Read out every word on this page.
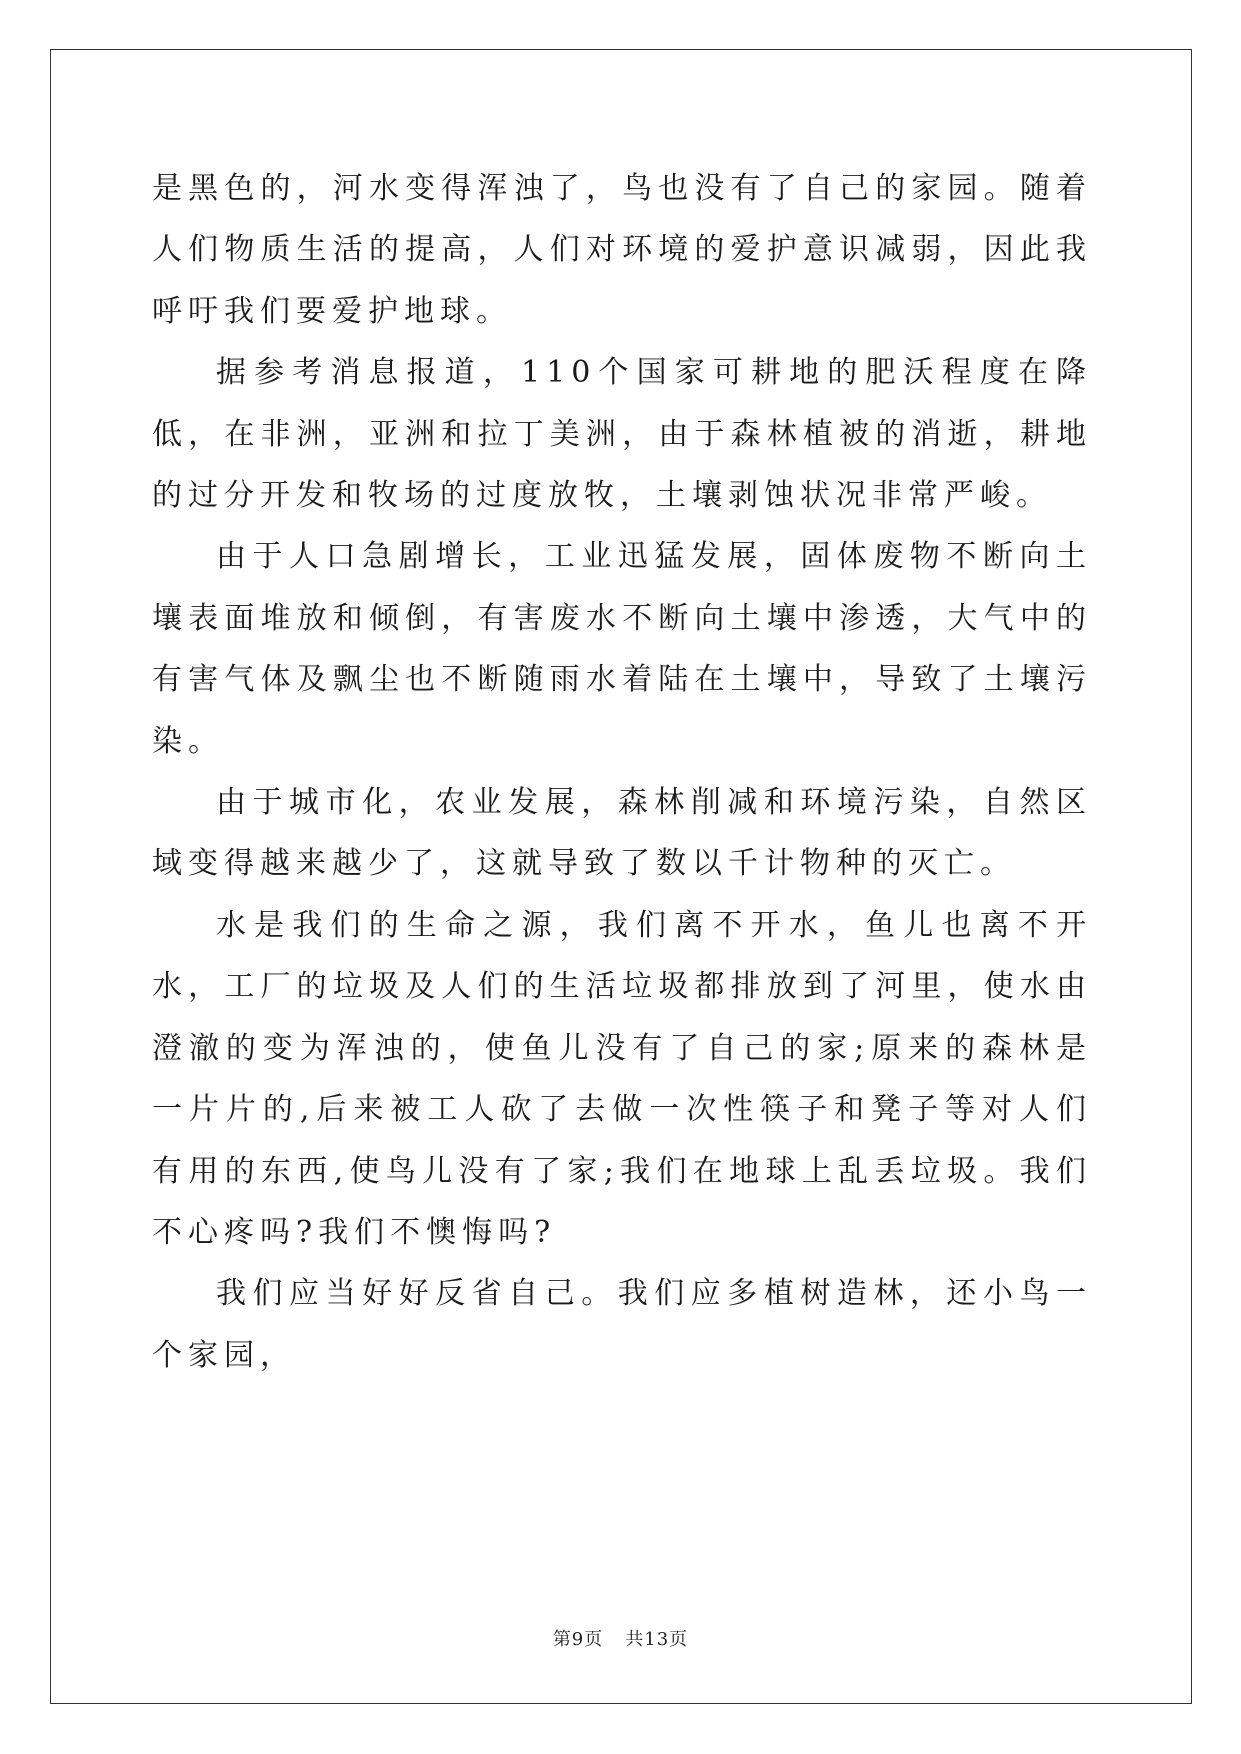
是黑色的，河水变得浑浊了，鸟也没有了自己的家园。随着人们物质生活的提高，人们对环境的爱护意识减弱，因此我呼吁我们要爱护地球。

据参考消息报道，110个国家可耕地的肥沃程度在降低，在非洲，亚洲和拉丁美洲，由于森林植被的消逝，耕地的过分开发和牧场的过度放牧，土壤剥蚀状况非常严峻。

由于人口急剧增长，工业迅猛发展，固体废物不断向土壤表面堆放和倾倒，有害废水不断向土壤中渗透，大气中的有害气体及飘尘也不断随雨水着陆在土壤中，导致了土壤污染。

由于城市化，农业发展，森林削减和环境污染，自然区域变得越来越少了，这就导致了数以千计物种的灭亡。

水是我们的生命之源，我们离不开水，鱼儿也离不开水，工厂的垃圾及人们的生活垃圾都排放到了河里，使水由澄澈的变为浑浊的，使鱼儿没有了自己的家;原来的森林是一片片的,后来被工人砍了去做一次性筷子和凳子等对人们有用的东西,使鸟儿没有了家;我们在地球上乱丢垃圾。我们不心疼吗?我们不懊悔吗?

我们应当好好反省自己。我们应多植树造林，还小鸟一个家园，

第9页 共13页
